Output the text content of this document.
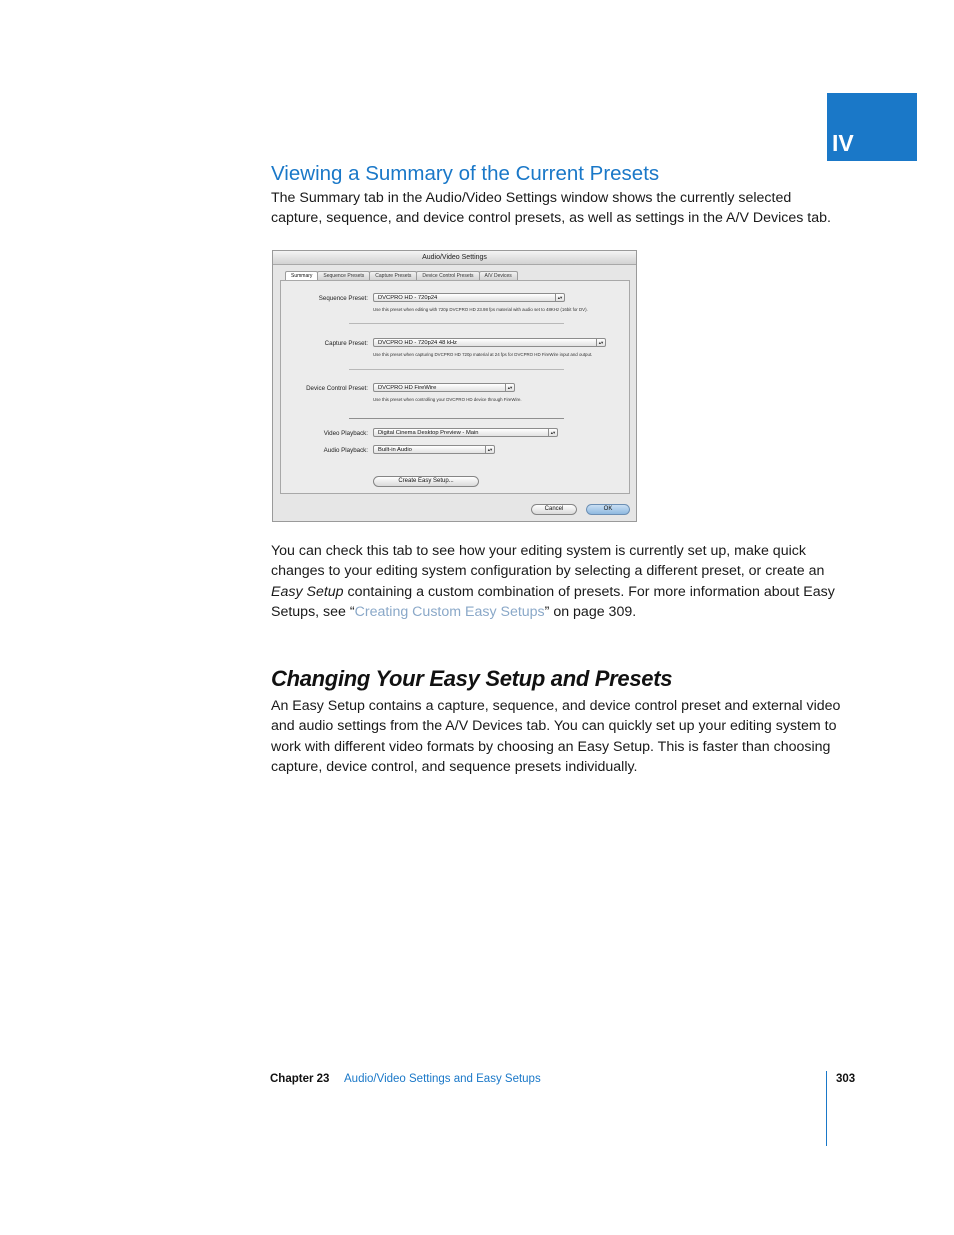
IV
Viewing a Summary of the Current Presets

The Summary tab in the Audio/Video Settings window shows the currently selected capture, sequence, and device control presets, as well as settings in the A/V Devices tab.

Audio/Video Settings
Summary	Sequence Presets	Capture Presets	Device Control Presets	A/V Devices
Sequence Preset:	DVCPRO HD - 720p24	▴▾
Use this preset when editing with 720p DVCPRO HD 23.98 fps material with audio set to 48KHz (16bit for DV).
Capture Preset:	DVCPRO HD - 720p24 48 kHz	▴▾
Use this preset when capturing DVCPRO HD 720p material at 24 fps for DVCPRO HD FireWire input and output.
Device Control Preset:	DVCPRO HD FireWire	▴▾
Use this preset when controlling your DVCPRO HD device through FireWire.
Video Playback:	Digital Cinema Desktop Preview - Main	▴▾
Audio Playback:	Built-in Audio	▴▾
Create Easy Setup...
Cancel	OK

You can check this tab to see how your editing system is currently set up, make quick changes to your editing system configuration by selecting a different preset, or create an Easy Setup containing a custom combination of presets. For more information about Easy Setups, see “Creating Custom Easy Setups” on page 309.

Changing Your Easy Setup and Presets

An Easy Setup contains a capture, sequence, and device control preset and external video and audio settings from the A/V Devices tab. You can quickly set up your editing system to work with different video formats by choosing an Easy Setup. This is faster than choosing capture, device control, and sequence presets individually.

Chapter 23 Audio/Video Settings and Easy Setups	303
